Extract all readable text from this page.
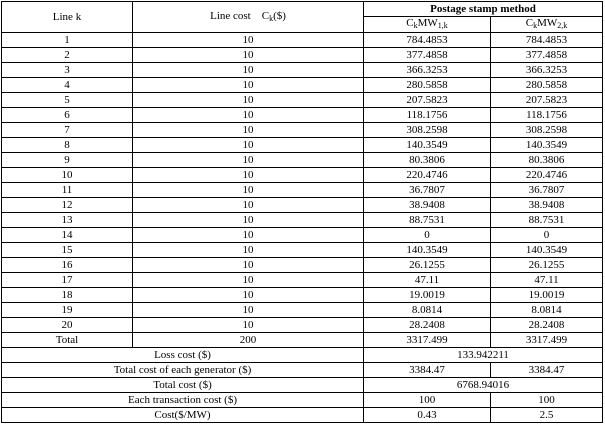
Line k	Line cost $C_k(\$)$	Postage stamp method	
		$C_kMW_{1,k}$	$C_kMW_{2,k}$
1	10	784.4853	784.4853
2	10	377.4858	377.4858
3	10	366.3253	366.3253
4	10	280.5858	280.5858
5	10	207.5823	207.5823
6	10	118.1756	118.1756
7	10	308.2598	308.2598
8	10	140.3549	140.3549
9	10	80.3806	80.3806
10	10	220.4746	220.4746
11	10	36.7807	36.7807
12	10	38.9408	38.9408
13	10	88.7531	88.7531
14	10	0	0
15	10	140.3549	140.3549
16	10	26.1255	26.1255
17	10	47.11	47.11
18	10	19.0019	19.0019
19	10	8.0814	8.0814
20	10	28.2408	28.2408
Total	200	3317.499	3317.499
Loss cost ($)		133.942211	
Total cost of each generator ($)		3384.47	3384.47
Total cost ($)		6768.94016	
Each transaction cost ($)		100	100
Cost($/MW)		0.43	2.5
